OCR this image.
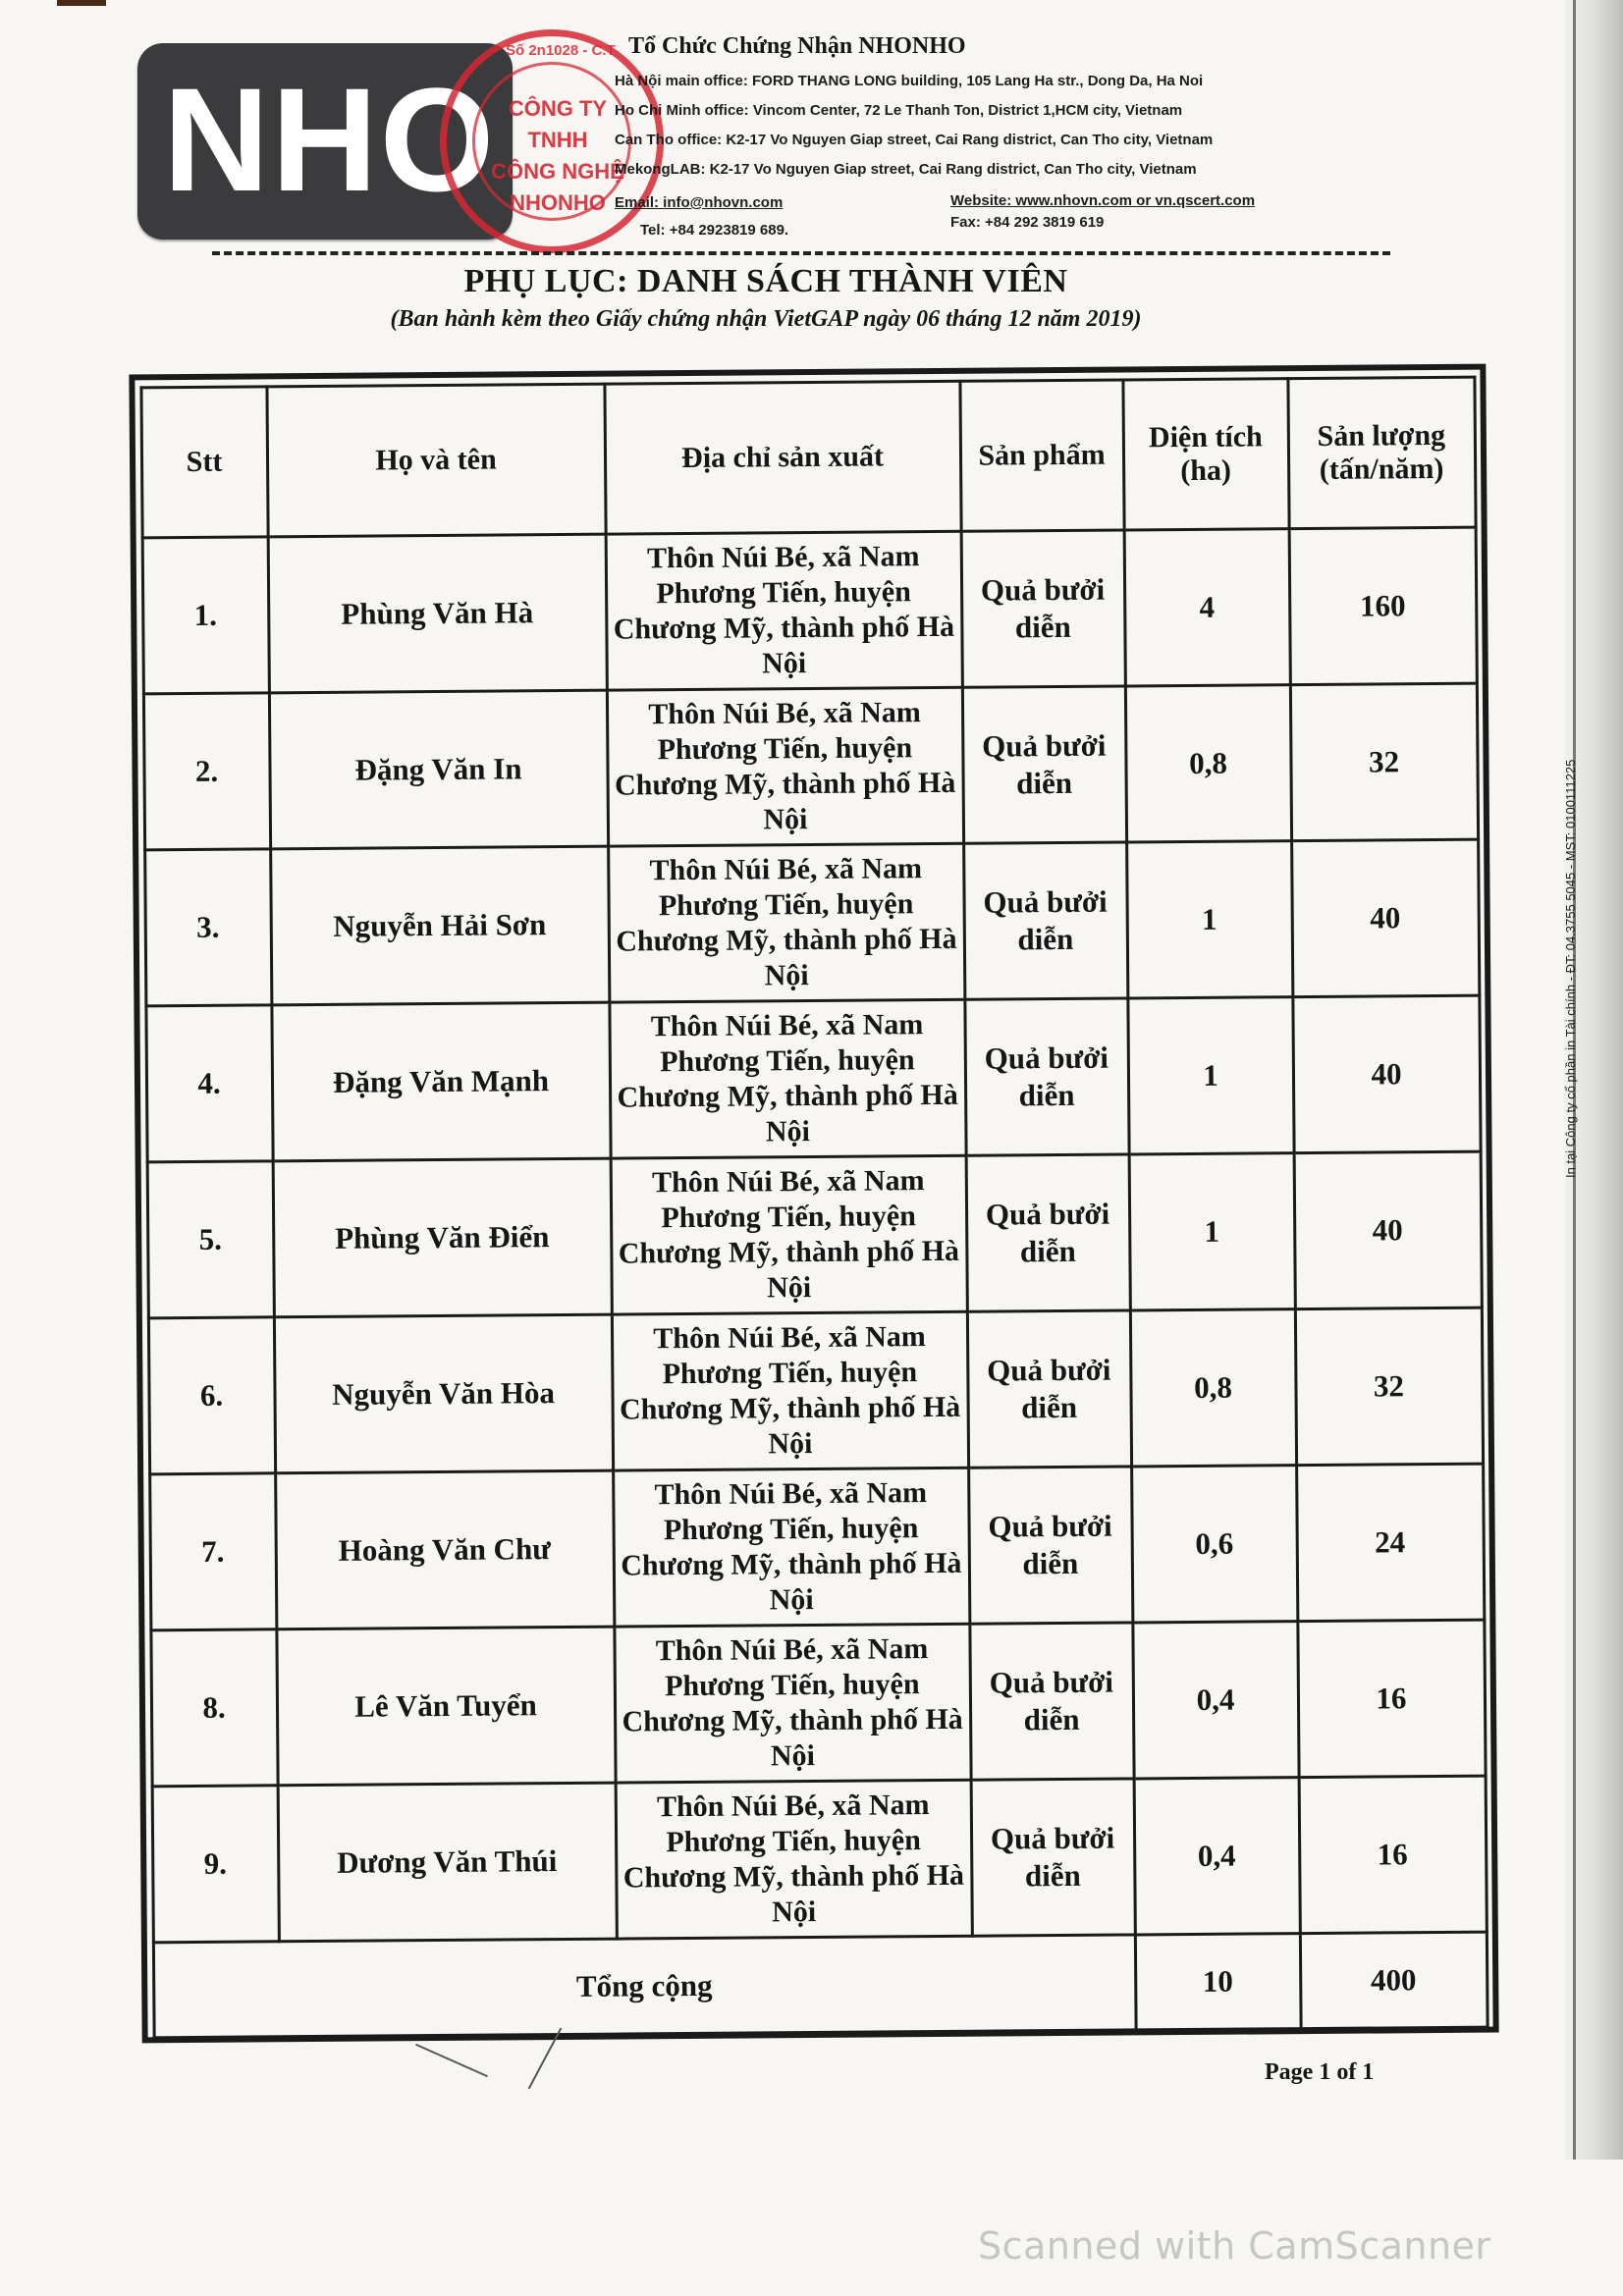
NHO
Số 2n1028 - C.T
CÔNG TY
TNHH
CÔNG NGHỆ
NHONHO
Tổ Chức Chứng Nhận NHONHO
Hà Nội main office: FORD THANG LONG building, 105 Lang Ha str., Dong Da, Ha Noi
Ho Chi Minh office: Vincom Center, 72 Le Thanh Ton, District 1,HCM city, Vietnam
Can Tho office: K2-17 Vo Nguyen Giap street, Cai Rang district, Can Tho city, Vietnam
MekongLAB: K2-17 Vo Nguyen Giap street, Cai Rang district, Can Tho city, Vietnam
Email: info@nhovn.com	Website: www.nhovn.com or vn.qscert.com
Tel: +84 2923819 689.	Fax: +84 292 3819 619
PHỤ LỤC: DANH SÁCH THÀNH VIÊN
(Ban hành kèm theo Giấy chứng nhận VietGAP ngày 06 tháng 12 năm 2019)
Stt	Họ và tên	Địa chỉ sản xuất	Sản phẩm	Diện tích (ha)	Sản lượng (tấn/năm)
1.	Phùng Văn Hà	Thôn Núi Bé, xã Nam Phương Tiến, huyện Chương Mỹ, thành phố Hà Nội	Quả bưởi diễn	4	160
2.	Đặng Văn In	Thôn Núi Bé, xã Nam Phương Tiến, huyện Chương Mỹ, thành phố Hà Nội	Quả bưởi diễn	0,8	32
3.	Nguyễn Hải Sơn	Thôn Núi Bé, xã Nam Phương Tiến, huyện Chương Mỹ, thành phố Hà Nội	Quả bưởi diễn	1	40
4.	Đặng Văn Mạnh	Thôn Núi Bé, xã Nam Phương Tiến, huyện Chương Mỹ, thành phố Hà Nội	Quả bưởi diễn	1	40
5.	Phùng Văn Điển	Thôn Núi Bé, xã Nam Phương Tiến, huyện Chương Mỹ, thành phố Hà Nội	Quả bưởi diễn	1	40
6.	Nguyễn Văn Hòa	Thôn Núi Bé, xã Nam Phương Tiến, huyện Chương Mỹ, thành phố Hà Nội	Quả bưởi diễn	0,8	32
7.	Hoàng Văn Chư	Thôn Núi Bé, xã Nam Phương Tiến, huyện Chương Mỹ, thành phố Hà Nội	Quả bưởi diễn	0,6	24
8.	Lê Văn Tuyển	Thôn Núi Bé, xã Nam Phương Tiến, huyện Chương Mỹ, thành phố Hà Nội	Quả bưởi diễn	0,4	16
9.	Dương Văn Thúi	Thôn Núi Bé, xã Nam Phương Tiến, huyện Chương Mỹ, thành phố Hà Nội	Quả bưởi diễn	0,4	16
Tổng cộng				10	400
Page 1 of 1
In tại Công ty cổ phần in Tài chính - ĐT: 04.3755 5045 - MST: 0100111225
Scanned with CamScanner
